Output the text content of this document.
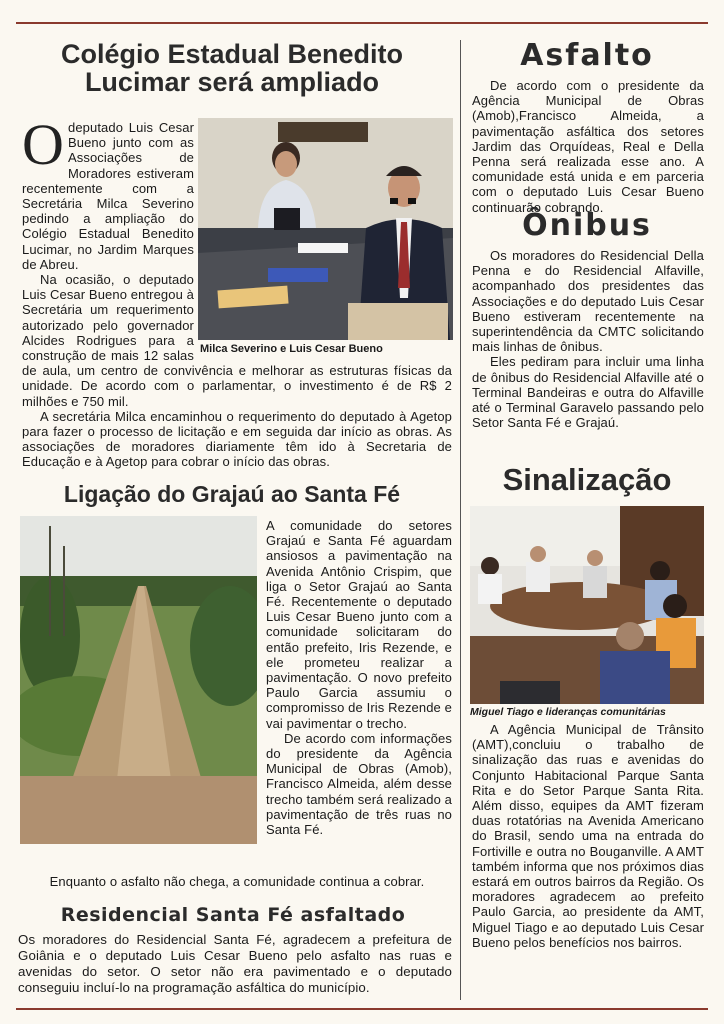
Colégio Estadual Benedito
Lucimar será ampliado
Milca Severino e Luis Cesar Bueno
O deputado Luis Cesar Bueno junto com as Associações de Moradores estiveram recentemente com a Secretária Milca Severino pedindo a ampliação do Colégio Estadual Benedito Lucimar, no Jardim Marques de Abreu.

Na ocasião, o deputado Luis Cesar Bueno entregou à Secretária um requerimento autorizado pelo governador Alcides Rodrigues para a construção de mais 12 salas de aula, um centro de convivência e melhorar as estruturas físicas da unidade. De acordo com o parlamentar, o investimento é de R$ 2 milhões e 750 mil.

A secretária Milca encaminhou o requerimento do deputado à Agetop para fazer o processo de licitação e em seguida dar início as obras. As associações de moradores diariamente têm ido à Secretaria de Educação e à Agetop para cobrar o início das obras.

Ligação do Grajaú ao Santa Fé

A comunidade do setores Grajaú e Santa Fé aguardam ansiosos a pavimentação na Avenida Antônio Crispim, que liga o Setor Grajaú ao Santa Fé. Recentemente o deputado Luis Cesar Bueno junto com a comunidade solicitaram do então prefeito, Iris Rezende, e ele prometeu realizar a pavimentação. O novo prefeito Paulo Garcia assumiu o compromisso de Iris Rezende e vai pavimentar o trecho.

De acordo com informações do presidente da Agência Municipal de Obras (Amob), Francisco Almeida, além desse trecho também será realizado a pavimentação de três ruas no Santa Fé.

Enquanto o asfalto não chega, a comunidade continua a cobrar.

Residencial Santa Fé asfaltado

Os moradores do Residencial Santa Fé, agradecem a prefeitura de Goiânia e o deputado Luis Cesar Bueno pelo asfalto nas ruas e avenidas do setor. O setor não era pavimentado e o deputado conseguiu incluí-lo na programação asfáltica do município.

Asfalto

De acordo com o presidente da Agência Municipal de Obras (Amob),Francisco Almeida, a pavimentação asfáltica dos setores Jardim das Orquídeas, Real e Della Penna será realizada esse ano. A comunidade está unida e em parceria com o deputado Luis Cesar Bueno continuarão cobrando.

Ônibus

Os moradores do Residencial Della Penna e do Residencial Alfaville, acompanhado dos presidentes das Associações e do deputado Luis Cesar Bueno estiveram recentemente na superintendência da CMTC solicitando mais linhas de ônibus.

Eles pediram para incluir uma linha de ônibus do Residencial Alfaville até o Terminal Bandeiras e outra do Alfaville até o Terminal Garavelo passando pelo Setor Santa Fé e Grajaú.

Sinalização
Miguel Tiago e lideranças comunitárias

A Agência Municipal de Trânsito (AMT),concluiu o trabalho de sinalização das ruas e avenidas do Conjunto Habitacional Parque Santa Rita e do Setor Parque Santa Rita. Além disso, equipes da AMT fizeram duas rotatórias na Avenida Americano do Brasil, sendo uma na entrada do Fortiville e outra no Bouganville. A AMT também informa que nos próximos dias estará em outros bairros da Região. Os moradores agradecem ao prefeito Paulo Garcia, ao presidente da AMT, Miguel Tiago e ao deputado Luis Cesar Bueno pelos benefícios nos bairros.
